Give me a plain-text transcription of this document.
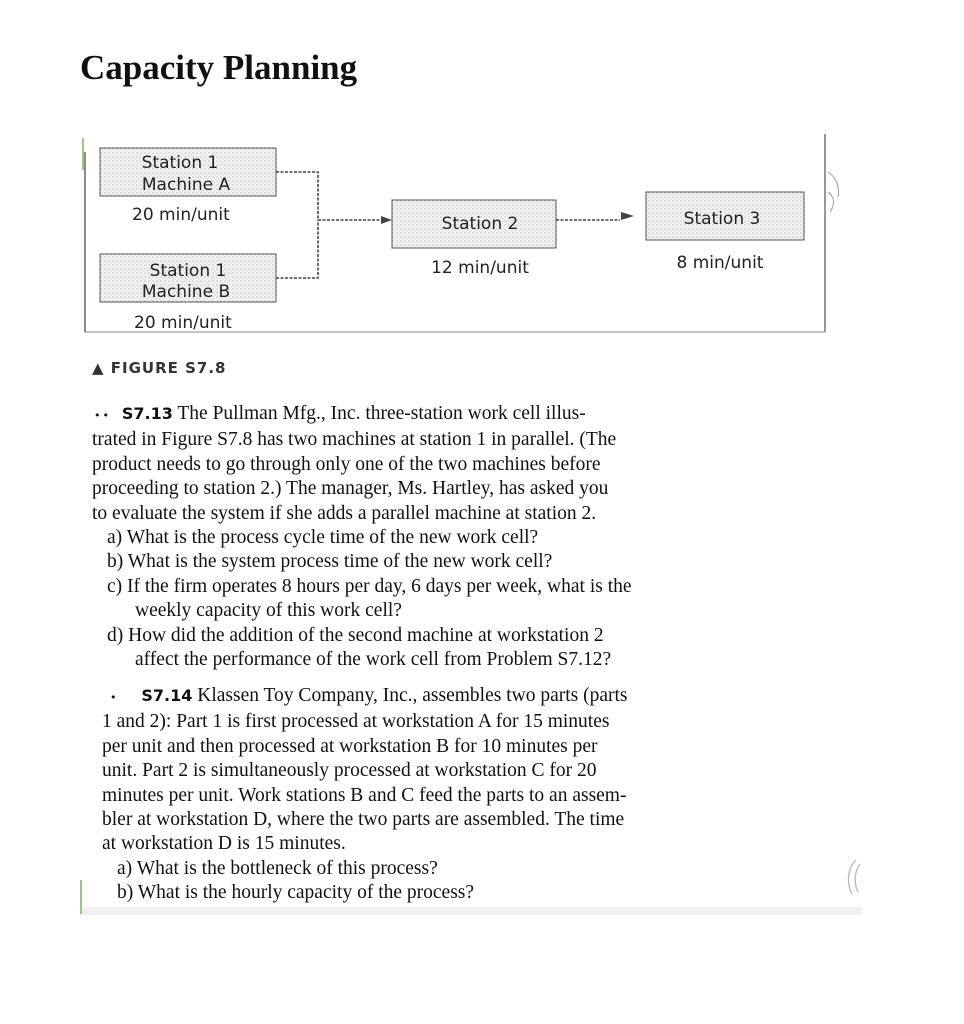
Capacity Planning
Station 1
Machine A
20 min/unit
Station 1
Machine B
20 min/unit
Station 2
12 min/unit
Station 3
8 min/unit
▲ FIGURE S7.8

•• S7.13 The Pullman Mfg., Inc. three-station work cell illus-

trated in Figure S7.8 has two machines at station 1 in parallel. (The

product needs to go through only one of the two machines before

proceeding to station 2.) The manager, Ms. Hartley, has asked you

to evaluate the system if she adds a parallel machine at station 2.

a) What is the process cycle time of the new work cell?

b) What is the system process time of the new work cell?

c) If the firm operates 8 hours per day, 6 days per week, what is the

weekly capacity of this work cell?

d) How did the addition of the second machine at workstation 2

affect the performance of the work cell from Problem S7.12?

• S7.14 Klassen Toy Company, Inc., assembles two parts (parts

1 and 2): Part 1 is first processed at workstation A for 15 minutes

per unit and then processed at workstation B for 10 minutes per

unit. Part 2 is simultaneously processed at workstation C for 20

minutes per unit. Work stations B and C feed the parts to an assem-

bler at workstation D, where the two parts are assembled. The time

at workstation D is 15 minutes.

a) What is the bottleneck of this process?

b) What is the hourly capacity of the process?
